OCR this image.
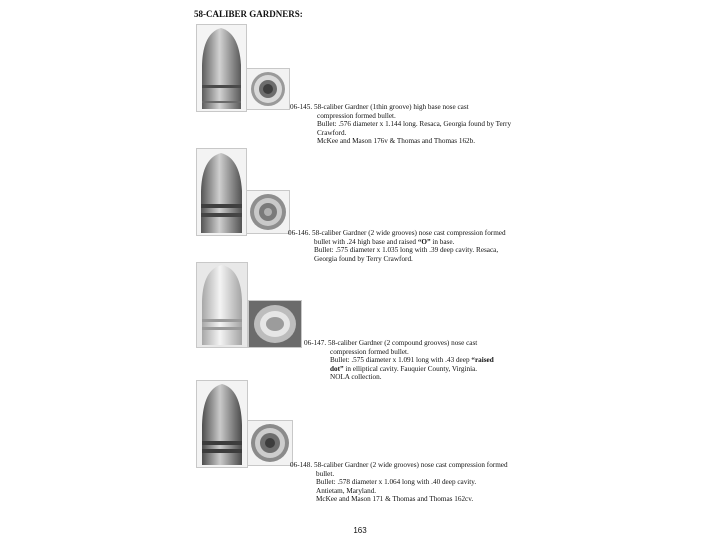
58-CALIBER GARDNERS:

06-145. 58-caliber Gardner (1thin groove) high base nose cast

compression formed bullet.

Bullet: .576 diameter x 1.144 long. Resaca, Georgia found by Terry

Crawford.

McKee and Mason 176v & Thomas and Thomas 162b.

06-146. 58-caliber Gardner (2 wide grooves) nose cast compression formed

bullet with .24 high base and raised “O” in base.

Bullet: .575 diameter x 1.035 long with .39 deep cavity. Resaca,

Georgia found by Terry Crawford.

06-147. 58-caliber Gardner (2 compound grooves) nose cast

compression formed bullet.

Bullet: .575 diameter x 1.091 long with .43 deep “raised

dot” in elliptical cavity. Fauquier County, Virginia.

NOLA collection.

06-148. 58-caliber Gardner (2 wide grooves) nose cast compression formed

bullet.

Bullet: .578 diameter x 1.064 long with .40 deep cavity.

Antietam, Maryland.

McKee and Mason 171 & Thomas and Thomas 162cv.

163
